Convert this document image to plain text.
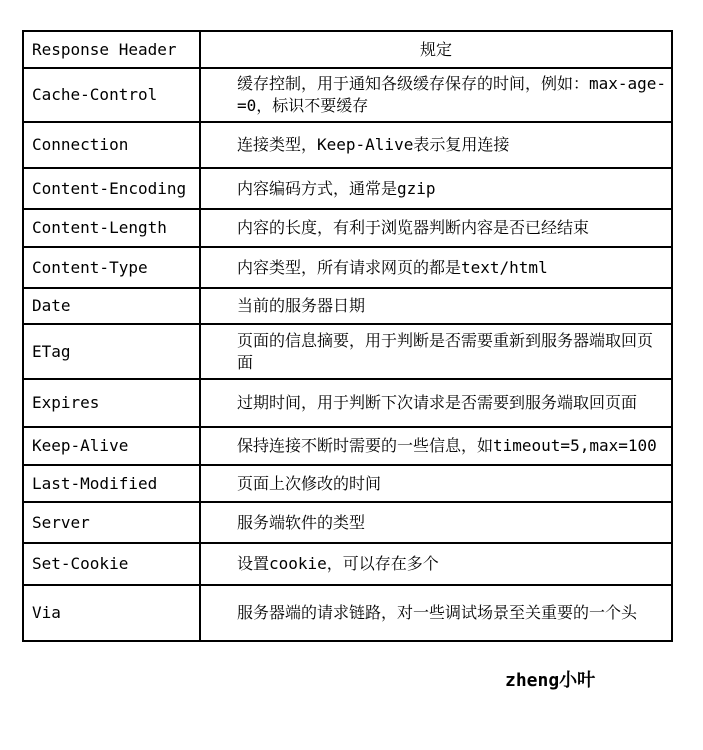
Response Header	规定
Cache-Control	缓存控制，用于通知各级缓存保存的时间，例如：max-age-=0，标识不要缓存
Connection	连接类型，Keep-Alive表示复用连接
Content-Encoding	内容编码方式，通常是gzip
Content-Length	内容的长度，有利于浏览器判断内容是否已经结束
Content-Type	内容类型，所有请求网页的都是text/html
Date	当前的服务器日期
ETag	页面的信息摘要，用于判断是否需要重新到服务器端取回页面
Expires	过期时间，用于判断下次请求是否需要到服务端取回页面
Keep-Alive	保持连接不断时需要的一些信息，如timeout=5,max=100
Last-Modified	页面上次修改的时间
Server	服务端软件的类型
Set-Cookie	设置cookie，可以存在多个
Via	服务器端的请求链路，对一些调试场景至关重要的一个头
zheng小叶
